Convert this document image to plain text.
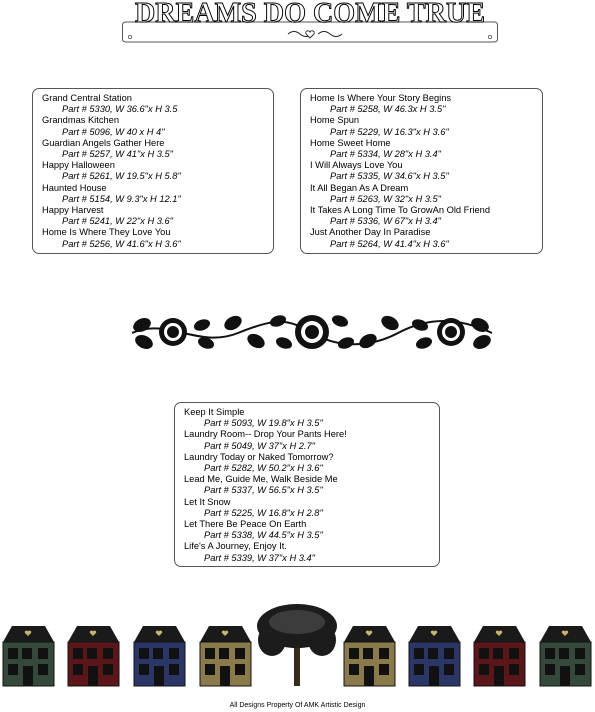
DREAMS DO COME TRUE
Grand Central Station
Part # 5330, W 36.6"x H 3.5
Grandmas Kitchen
Part # 5096, W 40 x H 4"
Guardian Angels Gather Here
Part # 5257, W 41"x H 3.5"
Happy Halloween
Part # 5261, W 19.5"x H 5.8"
Haunted House
Part # 5154, W 9.3"x H 12.1"
Happy Harvest
Part # 5241, W 22"x H 3.6"
Home Is Where They Love You
Part # 5256, W 41.6"x H 3.6"
Home Is Where Your Story Begins
Part # 5258, W 46.3x H 3.5"
Home Spun
Part # 5229, W 16.3"x H 3.6"
Home Sweet Home
Part # 5334, W 28"x H 3.4"
I Will Always Love You
Part # 5335, W 34.6"x H 3.5"
It All Began As A Dream
Part # 5263, W 32"x H 3.5"
It Takes A Long Time To GrowAn Old Friend
Part # 5336, W 67"x H 3.4"
Just Another Day In Paradise
Part # 5264, W 41.4"x H 3.6"
Keep It Simple
Part # 5093, W 19.8"x H 3.5"
Laundry Room-- Drop Your Pants Here!
Part # 5049, W 37"x H 2.7"
Laundry Today or Naked Tomorrow?
Part # 5282, W 50.2"x H 3.6"
Lead Me, Guide Me, Walk Beside Me
Part # 5337, W 56.5"x H 3.5"
Let It Snow
Part # 5225, W 16.8"x H 2.8"
Let There Be Peace On Earth
Part # 5338, W 44.5"x H 3.5"
Life's A Journey, Enjoy It.
Part # 5339, W 37"x H 3.4"
All Designs Property Of AMK Artistic Design
